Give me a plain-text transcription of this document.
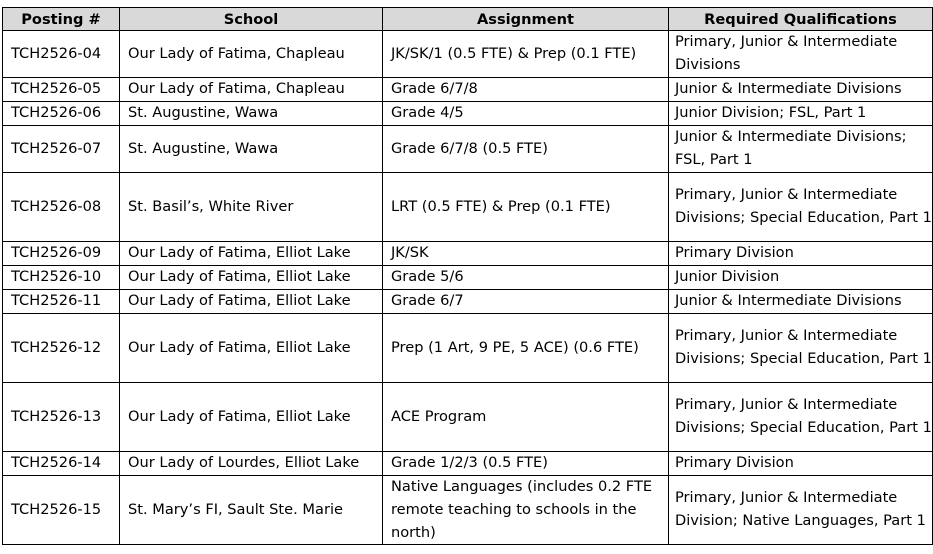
Posting #	School	Assignment	Required Qualifications
TCH2526-04	Our Lady of Fatima, Chapleau	JK/SK/1 (0.5 FTE) & Prep (0.1 FTE)	Primary, Junior & Intermediate Divisions
TCH2526-05	Our Lady of Fatima, Chapleau	Grade 6/7/8	Junior & Intermediate Divisions
TCH2526-06	St. Augustine, Wawa	Grade 4/5	Junior Division; FSL, Part 1
TCH2526-07	St. Augustine, Wawa	Grade 6/7/8 (0.5 FTE)	Junior & Intermediate Divisions; FSL, Part 1
TCH2526-08	St. Basil’s, White River	LRT (0.5 FTE) & Prep (0.1 FTE)	Primary, Junior & Intermediate Divisions; Special Education, Part 1
TCH2526-09	Our Lady of Fatima, Elliot Lake	JK/SK	Primary Division
TCH2526-10	Our Lady of Fatima, Elliot Lake	Grade 5/6	Junior Division
TCH2526-11	Our Lady of Fatima, Elliot Lake	Grade 6/7	Junior & Intermediate Divisions
TCH2526-12	Our Lady of Fatima, Elliot Lake	Prep (1 Art, 9 PE, 5 ACE) (0.6 FTE)	Primary, Junior & Intermediate Divisions; Special Education, Part 1
TCH2526-13	Our Lady of Fatima, Elliot Lake	ACE Program	Primary, Junior & Intermediate Divisions; Special Education, Part 1
TCH2526-14	Our Lady of Lourdes, Elliot Lake	Grade 1/2/3 (0.5 FTE)	Primary Division
TCH2526-15	St. Mary’s FI, Sault Ste. Marie	Native Languages (includes 0.2 FTE remote teaching to schools in the north)	Primary, Junior & Intermediate Division; Native Languages, Part 1
